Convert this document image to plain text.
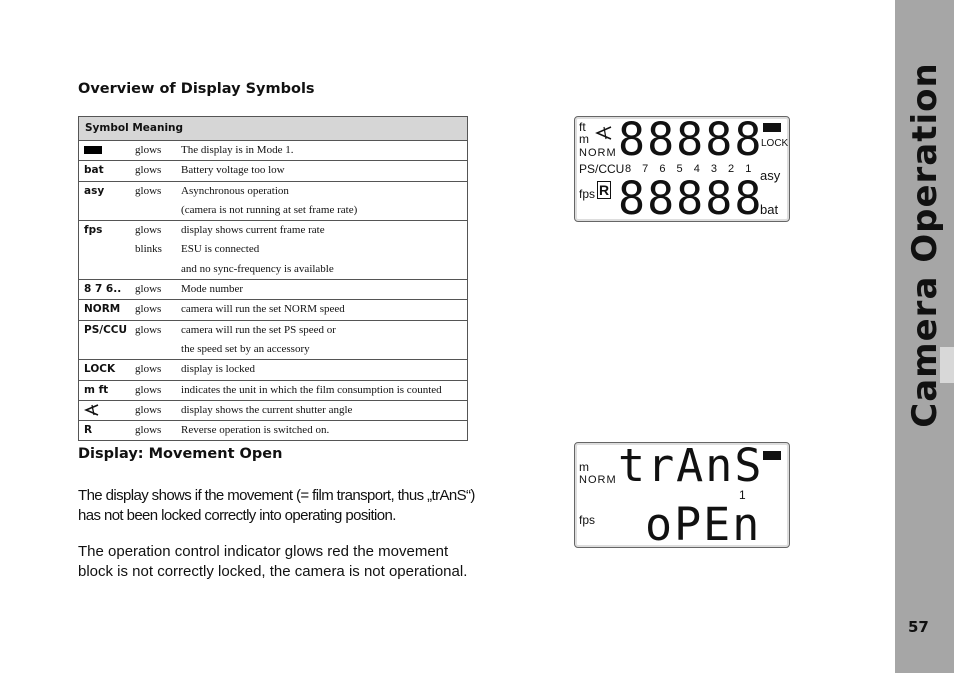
Camera Operation
57
Overview of Display Symbols
Symbol Meaning		
	glows	The display is in Mode 1.
bat	glows	Battery voltage too low
asy	glows	Asynchronous operation
		(camera is not running at set frame rate)
fps	glows	display shows current frame rate
	blinks	ESU is connected
		and no sync-frequency is available
8 7 6..	glows	Mode number
NORM	glows	camera will run the set NORM speed
PS/CCU	glows	camera will run the set PS speed or
		the speed set by an accessory
LOCK	glows	display is locked
m ft	glows	indicates the unit in which the film consumption is counted
	glows	display shows the current shutter angle
R	glows	Reverse operation is switched on.
Display: Movement Open

The display shows if the movement (= film transport, thus „trAnS“) has not been locked correctly into operating position.

The operation control indicator glows red the movement block is not correctly locked, the camera is not operational.

ft
m
NORM
PS/CCU
fps R
88888
8 7 6 5 4 3 2 1
88888
LOCK
asy
bat
m
NORM
fps
trAnS
1
oPEn
